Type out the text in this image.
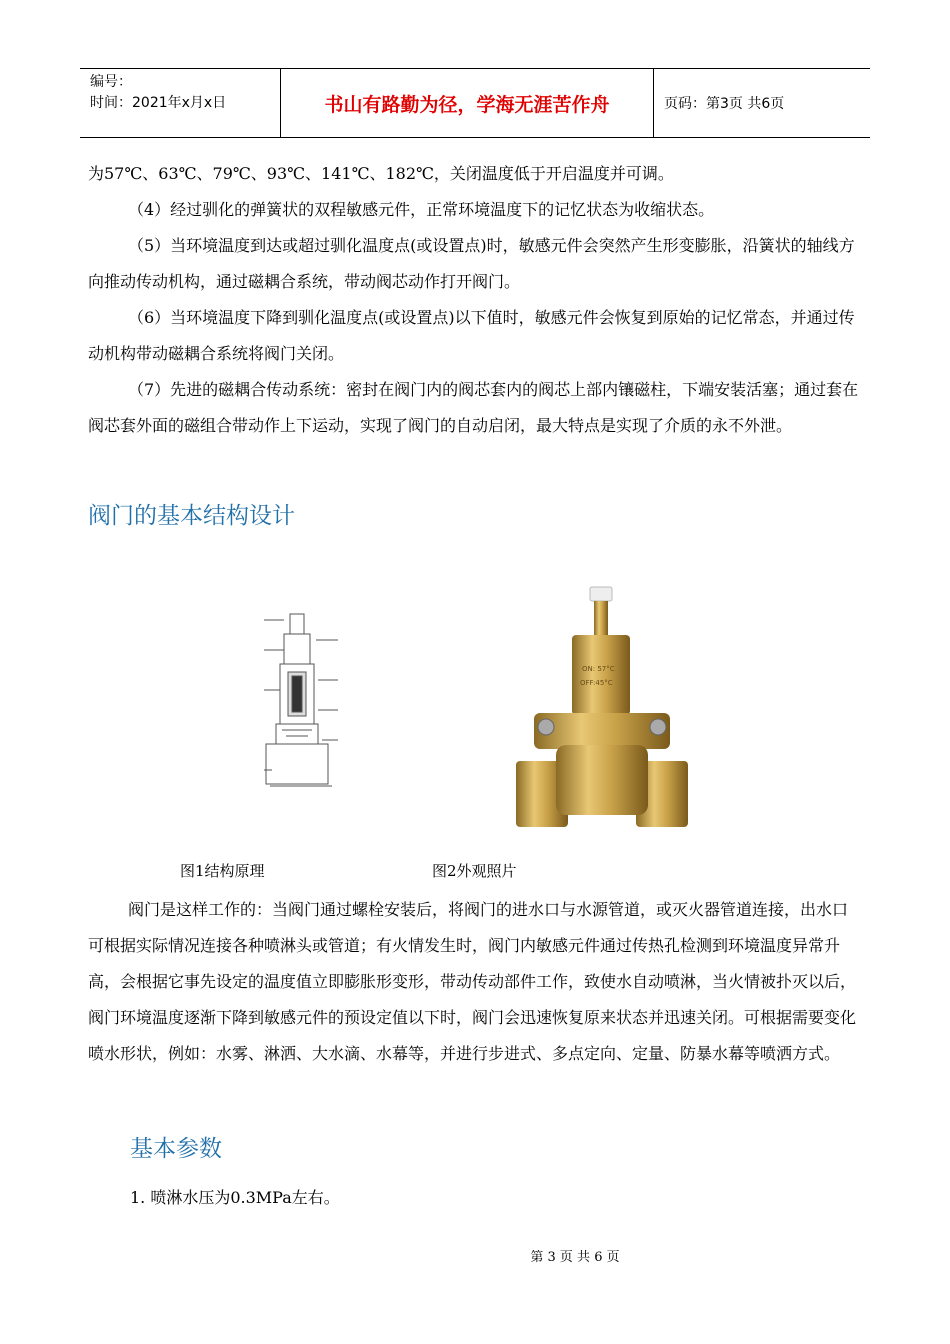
编号：
时间：2021年x月x日	书山有路勤为径，学海无涯苦作舟	页码：第3页 共6页

为57℃、63℃、79℃、93℃、141℃、182℃，关闭温度低于开启温度并可调。

（4）经过驯化的弹簧状的双程敏感元件，正常环境温度下的记忆状态为收缩状态。

（5）当环境温度到达或超过驯化温度点(或设置点)时，敏感元件会突然产生形变膨胀，沿簧状的轴线方向推动传动机构，通过磁耦合系统，带动阀芯动作打开阀门。

（6）当环境温度下降到驯化温度点(或设置点)以下值时，敏感元件会恢复到原始的记忆常态，并通过传动机构带动磁耦合系统将阀门关闭。

（7）先进的磁耦合传动系统：密封在阀门内的阀芯套内的阀芯上部内镶磁柱，下端安装活塞；通过套在阀芯套外面的磁组合带动作上下运动，实现了阀门的自动启闭，最大特点是实现了介质的永不外泄。

阀门的基本结构设计
ON: 57°C
OFF:45°C
图1结构原理	图2外观照片

阀门是这样工作的：当阀门通过螺栓安装后，将阀门的进水口与水源管道，或灭火器管道连接，出水口可根据实际情况连接各种喷淋头或管道；有火情发生时，阀门内敏感元件通过传热孔检测到环境温度异常升高，会根据它事先设定的温度值立即膨胀形变形，带动传动部件工作，致使水自动喷淋，当火情被扑灭以后，阀门环境温度逐渐下降到敏感元件的预设定值以下时，阀门会迅速恢复原来状态并迅速关闭。可根据需要变化喷水形状，例如：水雾、淋洒、大水滴、水幕等，并进行步进式、多点定向、定量、防暴水幕等喷洒方式。

基本参数

1. 喷淋水压为0.3MPa左右。

第 3 页 共 6 页
